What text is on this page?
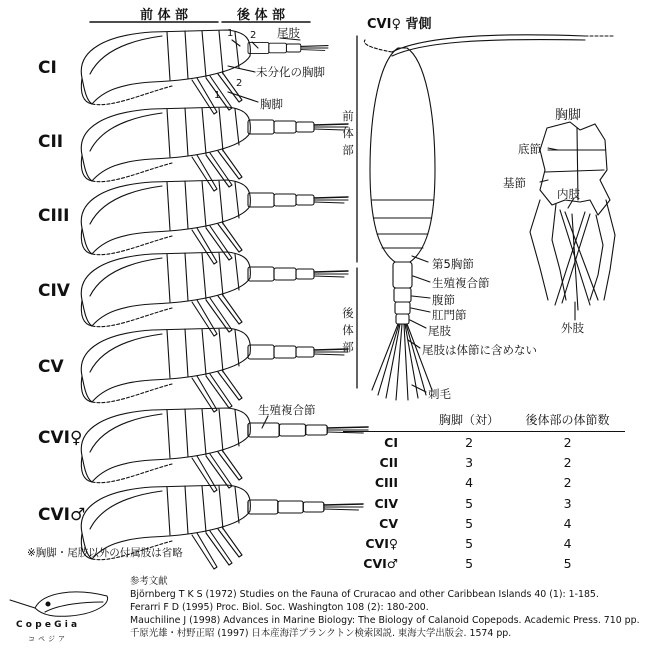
前 体 部	後 体 部
CI
CII
CIII
CIV
CV
CVI♀
CVI♂
1 2 尾肢
未分化の胸脚
2
1
胸脚
生殖複合節
※胸脚・尾肢以外の付属肢は省略
CVI♀ 背側
前
体
部
後
体
部
第5胸節
生殖複合節
腹節
肛門節
尾肢
尾肢は体節に含めない
刺毛
胸脚
底節
基節
内肢
外肢
	胸脚（対）	後体部の体節数
CI	2	2
CII	3	2
CIII	4	2
CIV	5	3
CV	5	4
CVI♀	5	4
CVI♂	5	5
参考文献
Björnberg T K S (1972) Studies on the Fauna of Cruracao and other Caribbean Islands 40 (1): 1-185.
Ferarri F D (1995) Proc. Biol. Soc. Washington 108 (2): 180-200.
Mauchiline J (1998) Advances in Marine Biology: The Biology of Calanoid Copepods. Academic Press. 710 pp.
千原光雄・村野正昭 (1997) 日本産海洋プランクトン検索図説. 東海大学出版会. 1574 pp.
CopeGia
コペジア
